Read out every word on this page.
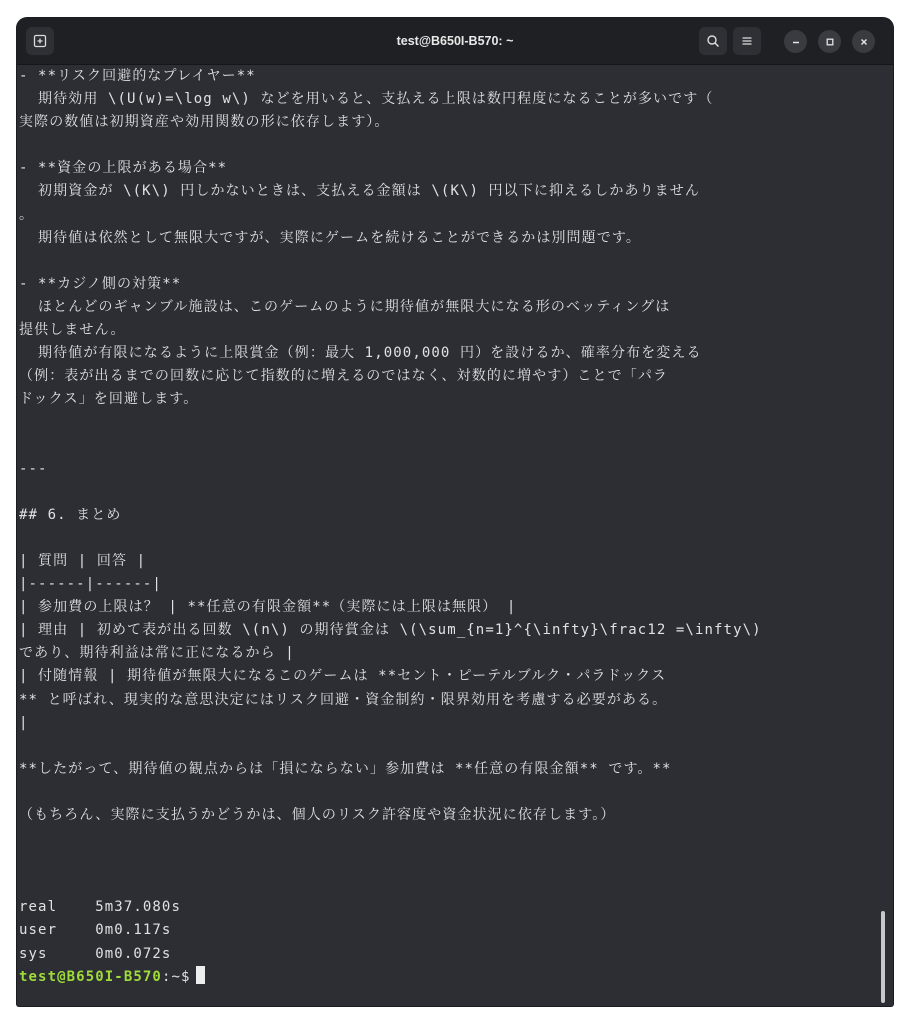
test@B650I-B570: ~
- **リスク回避的なプレイヤー**
期待効用 \(U(w)=\log w\) などを用いると、支払える上限は数円程度になることが多いです（
実際の数値は初期資産や効用関数の形に依存します）。
- **資金の上限がある場合**
初期資金が \(K\) 円しかないときは、支払える金額は \(K\) 円以下に抑えるしかありません
。
期待値は依然として無限大ですが、実際にゲームを続けることができるかは別問題です。
- **カジノ側の対策**
ほとんどのギャンブル施設は、このゲームのように期待値が無限大になる形のベッティングは
提供しません。
期待値が有限になるように上限賞金（例：最大 1,000,000 円）を設けるか、確率分布を変える
（例：表が出るまでの回数に応じて指数的に増えるのではなく、対数的に増やす）ことで「パラ
ドックス」を回避します。
---
## 6. まとめ
| 質問 | 回答 |
|------|------|
| 参加費の上限は？ | **任意の有限金額**（実際には上限は無限） |
| 理由 | 初めて表が出る回数 \(n\) の期待賞金は \(\sum_{n=1}^{\infty}\frac12 =\infty\)
であり、期待利益は常に正になるから |
| 付随情報 | 期待値が無限大になるこのゲームは **セント・ピーテルブルク・パラドックス
** と呼ばれ、現実的な意思決定にはリスク回避・資金制約・限界効用を考慮する必要がある。
|
**したがって、期待値の観点からは「損にならない」参加費は **任意の有限金額** です。**
（もちろん、実際に支払うかどうかは、個人のリスク許容度や資金状況に依存します。）
real	5m37.080s
user	0m0.117s
sys	0m0.072s
test@B650I-B570:~$
